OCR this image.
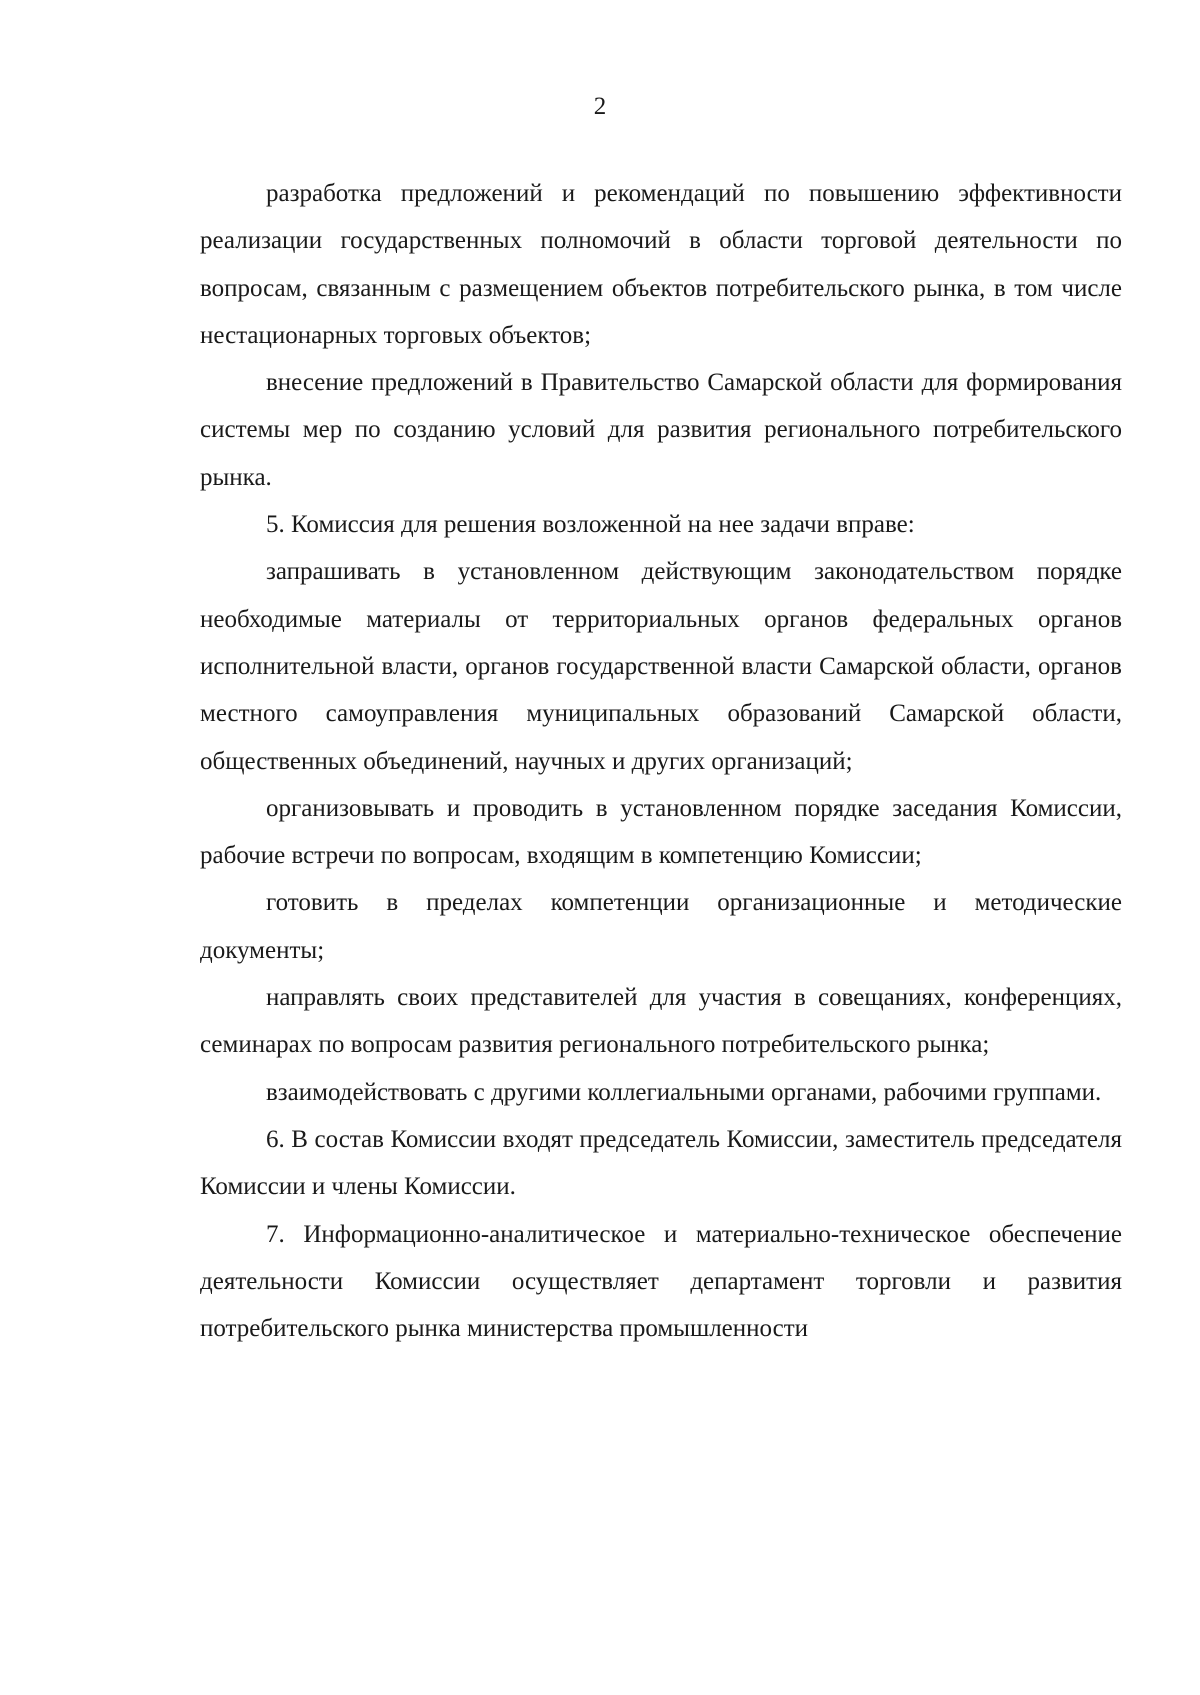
2

разработка предложений и рекомендаций по повышению эффективности реализации государственных полномочий в области торговой деятельности по вопросам, связанным с размещением объектов потребительского рынка, в том числе нестационарных торговых объектов;

внесение предложений в Правительство Самарской области для формирования системы мер по созданию условий для развития регионального потребительского рынка.

5. Комиссия для решения возложенной на нее задачи вправе:

запрашивать в установленном действующим законодательством порядке необходимые материалы от территориальных органов федеральных органов исполнительной власти, органов государственной власти Самарской области, органов местного самоуправления муниципальных образований Самарской области, общественных объединений, научных и других организаций;

организовывать и проводить в установленном порядке заседания Комиссии, рабочие встречи по вопросам, входящим в компетенцию Комиссии;

готовить в пределах компетенции организационные и методические документы;

направлять своих представителей для участия в совещаниях, конференциях, семинарах по вопросам развития регионального потребительского рынка;

взаимодействовать с другими коллегиальными органами, рабочими группами.

6. В состав Комиссии входят председатель Комиссии, заместитель председателя Комиссии и члены Комиссии.

7. Информационно-аналитическое и материально-техническое обеспечение деятельности Комиссии осуществляет департамент торговли и развития потребительского рынка министерства промышленности
